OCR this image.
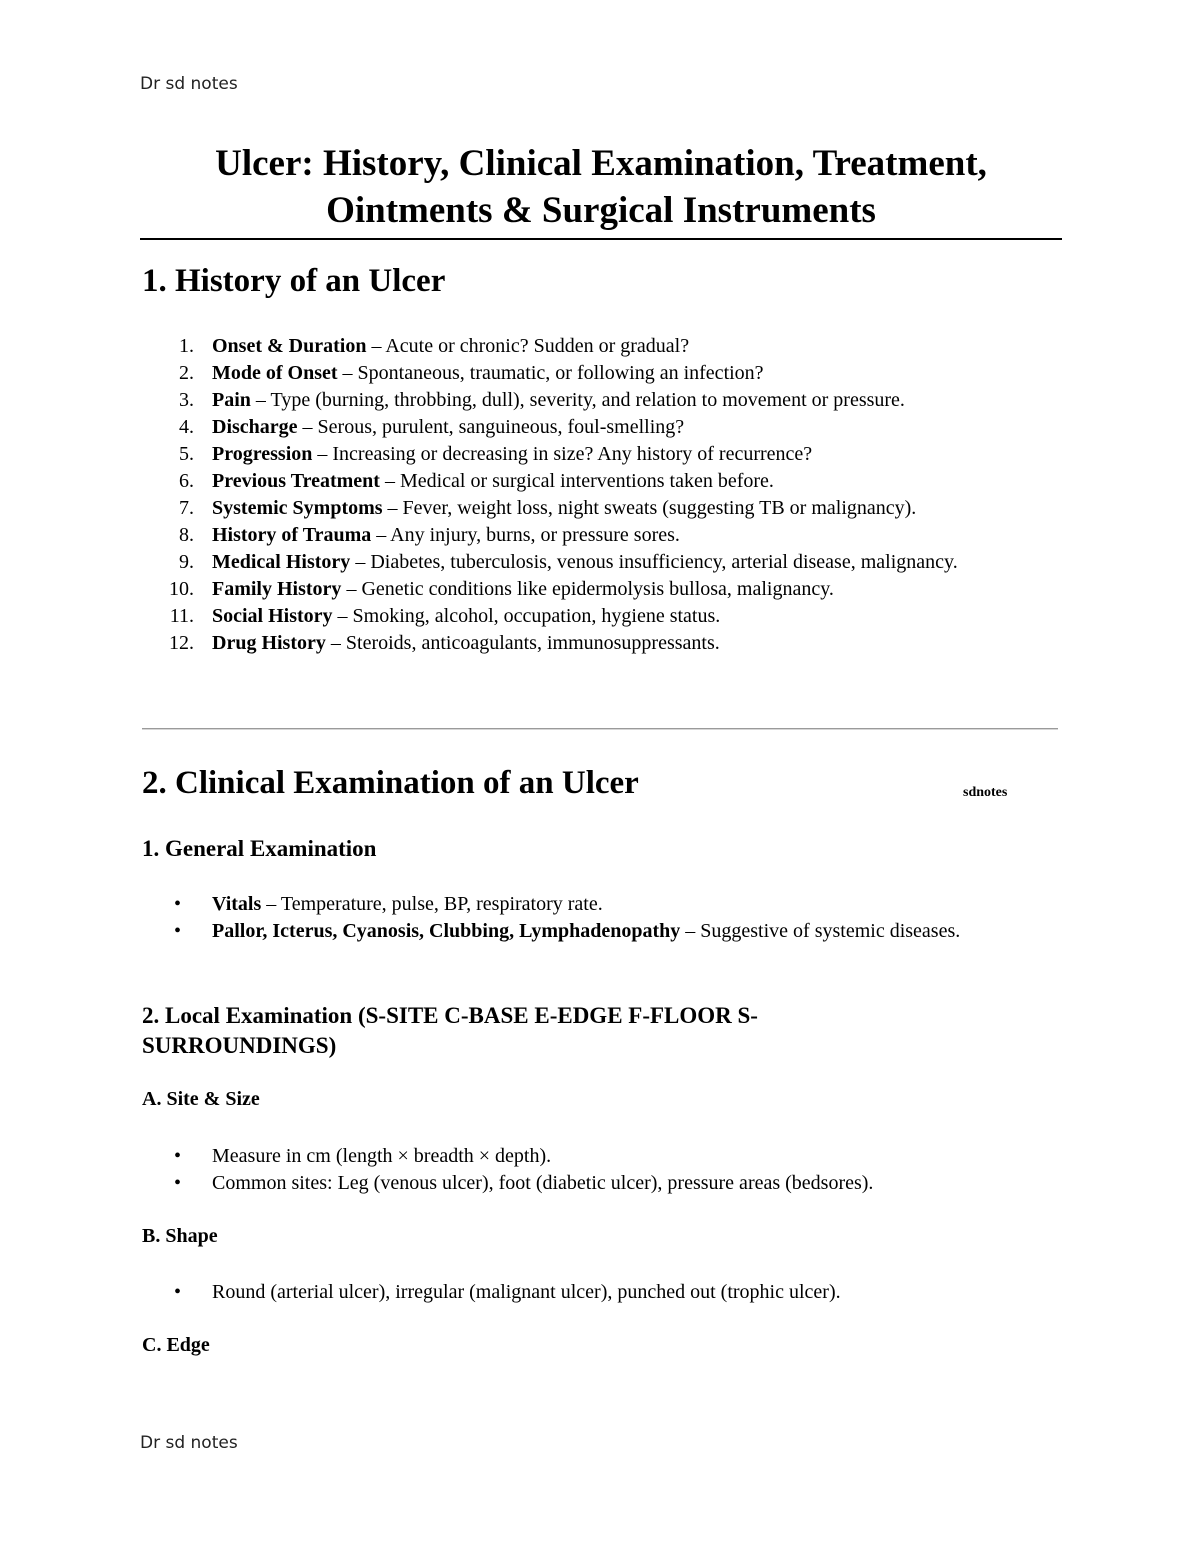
Dr sd notes
Ulcer: History, Clinical Examination, Treatment,
Ointments & Surgical Instruments
1. History of an Ulcer
1. Onset & Duration – Acute or chronic? Sudden or gradual?
2. Mode of Onset – Spontaneous, traumatic, or following an infection?
3. Pain – Type (burning, throbbing, dull), severity, and relation to movement or pressure.
4. Discharge – Serous, purulent, sanguineous, foul-smelling?
5. Progression – Increasing or decreasing in size? Any history of recurrence?
6. Previous Treatment – Medical or surgical interventions taken before.
7. Systemic Symptoms – Fever, weight loss, night sweats (suggesting TB or malignancy).
8. History of Trauma – Any injury, burns, or pressure sores.
9. Medical History – Diabetes, tuberculosis, venous insufficiency, arterial disease, malignancy.
10. Family History – Genetic conditions like epidermolysis bullosa, malignancy.
11. Social History – Smoking, alcohol, occupation, hygiene status.
12. Drug History – Steroids, anticoagulants, immunosuppressants.
2. Clinical Examination of an Ulcer	sdnotes
1. General Examination
• Vitals – Temperature, pulse, BP, respiratory rate.
• Pallor, Icterus, Cyanosis, Clubbing, Lymphadenopathy – Suggestive of systemic diseases.
2. Local Examination (S-SITE C-BASE E-EDGE F-FLOOR S-
SURROUNDINGS)
A. Site & Size
• Measure in cm (length × breadth × depth).
• Common sites: Leg (venous ulcer), foot (diabetic ulcer), pressure areas (bedsores).
B. Shape
• Round (arterial ulcer), irregular (malignant ulcer), punched out (trophic ulcer).
C. Edge
Dr sd notes
